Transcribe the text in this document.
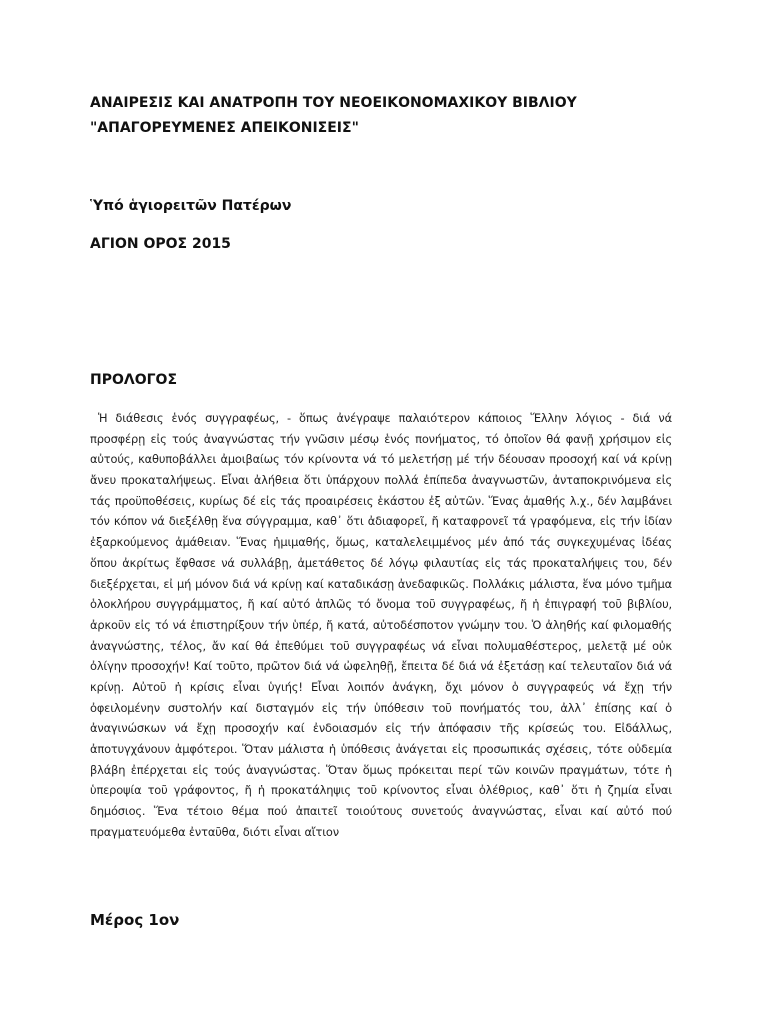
ΑΝΑΙΡΕΣΙΣ ΚΑΙ ΑΝΑΤΡΟΠΗ ΤΟΥ ΝΕΟΕΙΚΟΝΟΜΑΧΙΚΟΥ ΒΙΒΛΙΟΥ
"ΑΠΑΓΟΡΕΥΜΕΝΕΣ ΑΠΕΙΚΟΝΙΣΕΙΣ"
Ὑπό ἁγιορειτῶν Πατέρων
ΑΓΙΟΝ ΟΡΟΣ 2015
ΠΡΟΛΟΓΟΣ
Ἡ διάθεσις ἑνός συγγραφέως, - ὅπως ἀνέγραψε παλαιότερον κάποιος Ἕλλην λόγιος - διά νά
προσφέρῃ εἰς τούς ἀναγνώστας τήν γνῶσιν μέσῳ ἑνός πονήματος, τό ὁποῖον θά φανῇ χρήσιμον εἰς
αὐτούς, καθυποβάλλει ἀμοιβαίως τόν κρίνοντα νά τό μελετήσῃ μέ τήν δέουσαν προσοχή καί νά κρίνῃ
ἄνευ προκαταλήψεως. Εἶναι ἀλήθεια ὅτι ὑπάρχουν πολλά ἐπίπεδα ἀναγνωστῶν, ἀνταποκρινόμενα εἰς
τάς προϋποθέσεις, κυρίως δέ εἰς τάς προαιρέσεις ἑκάστου ἐξ αὐτῶν. Ἕνας ἀμαθής λ.χ., δέν λαμβάνει
τόν κόπον νά διεξέλθῃ ἕνα σύγγραμμα, καθ᾿ ὅτι ἀδιαφορεῖ, ἤ καταφρονεῖ τά γραφόμενα, εἰς τήν ἰδίαν
ἐξαρκούμενος ἀμάθειαν. Ἕνας ἡμιμαθής, ὅμως, καταλελειμμένος μέν ἀπό τάς συγκεχυμένας ἰδέας
ὅπου ἀκρίτως ἔφθασε νά συλλάβῃ, ἀμετάθετος δέ λόγῳ φιλαυτίας εἰς τάς προκαταλήψεις του, δέν
διεξέρχεται, εἰ μή μόνον διά νά κρίνῃ καί καταδικάσῃ ἀνεδαφικῶς. Πολλάκις μάλιστα, ἕνα μόνο τμῆμα
ὁλοκλήρου συγγράμματος, ἤ καί αὐτό ἁπλῶς τό ὄνομα τοῦ συγγραφέως, ἤ ἡ ἐπιγραφή τοῦ βιβλίου,
ἀρκοῦν εἰς τό νά ἐπιστηρίξουν τήν ὑπέρ, ἤ κατά, αὐτοδέσποτον γνώμην του. Ὁ ἀληθής καί φιλομαθής
ἀναγνώστης, τέλος, ἄν καί θά ἐπεθύμει τοῦ συγγραφέως νά εἶναι πολυμαθέστερος, μελετᾷ μέ οὐκ
ὀλίγην προσοχήν! Καί τοῦτο, πρῶτον διά νά ὠφεληθῇ, ἔπειτα δέ διά νά ἐξετάσῃ καί τελευταῖον διά νά
κρίνῃ. Αὐτοῦ ἡ κρίσις εἶναι ὑγιής! Εἶναι λοιπόν ἀνάγκη, ὄχι μόνον ὁ συγγραφεύς νά ἔχῃ τήν
ὀφειλομένην συστολήν καί δισταγμόν εἰς τήν ὑπόθεσιν τοῦ πονήματός του, ἀλλ᾿ ἐπίσης καί ὁ
ἀναγινώσκων νά ἔχῃ προσοχήν καί ἐνδοιασμόν εἰς τήν ἀπόφασιν τῆς κρίσεώς του. Εἰδάλλως,
ἀποτυγχάνουν ἀμφότεροι. Ὅταν μάλιστα ἡ ὑπόθεσις ἀνάγεται εἰς προσωπικάς σχέσεις, τότε οὐδεμία
βλάβη ἐπέρχεται εἰς τούς ἀναγνώστας. Ὅταν ὅμως πρόκειται περί τῶν κοινῶν πραγμάτων, τότε ἡ
ὑπεροψία τοῦ γράφοντος, ἤ ἡ προκατάληψις τοῦ κρίνοντος εἶναι ὀλέθριος, καθ᾿ ὅτι ἡ ζημία εἶναι
δημόσιος. Ἕνα τέτοιο θέμα πού ἀπαιτεῖ τοιούτους συνετούς ἀναγνώστας, εἶναι καί αὐτό πού
πραγματευόμεθα ἐνταῦθα, διότι εἶναι αἴτιον
Μέρος 1ον
